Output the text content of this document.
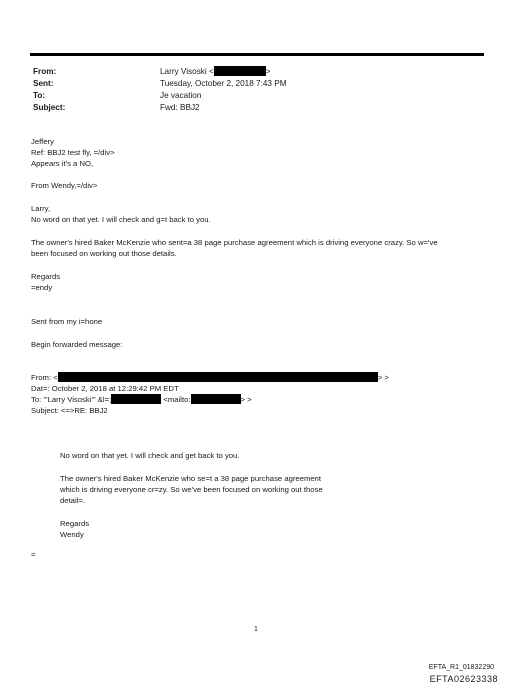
From:	Larry Visoski <	>
Sent:	Tuesday, October 2, 2018 7:43 PM
To:	Je vacation
Subject:	Fwd: BBJ2
Jeffery
Ref: BBJ2 test fly, =/div>
Appears it's a NO,
From Wendy,=/div>
Larry,
No word on that yet. I will check and g=t back to you.
The owner's hired Baker McKenzie who sent=a 38 page purchase agreement which is driving everyone crazy. So w='ve
been focused on working out those details.
Regards
=endy
Sent from my i=hone
Begin forwarded message:
From: <	> >
Dat=: October 2, 2018 at 12:29:42 PM EDT
To: "'Larry Visoski'" &l=;	<mailto:	> >
Subject: <=>RE: BBJ2
No word on that yet. I will check and get back to you.
The owner's hired Baker McKenzie who se=t a 38 page purchase agreement
which is driving everyone cr=zy. So we've been focused on working out those
detail=.
Regards
Wendy
=
1
EFTA_R1_01832290
EFTA02623338
